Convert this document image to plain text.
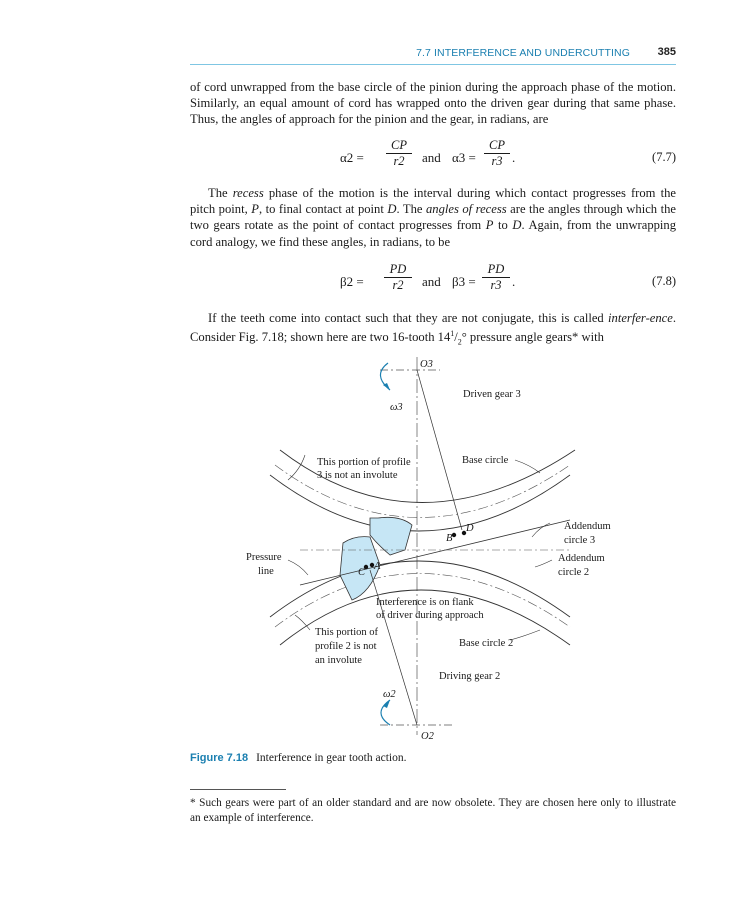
7.7 INTERFERENCE AND UNDERCUTTING	385
of cord unwrapped from the base circle of the pinion during the approach phase of the motion. Similarly, an equal amount of cord has wrapped onto the driven gear during that same phase. Thus, the angles of approach for the pinion and the gear, in radians, are
$\alpha 2 = \frac{CP}{r2}$ and $\alpha 3 = \frac{CP}{r3}$ .	(7.7)
The recess phase of the motion is the interval during which contact progresses from the pitch point, P, to final contact at point D. The angles of recess are the angles through which the two gears rotate as the point of contact progresses from P to D. Again, from the unwrapping cord analogy, we find these angles, in radians, to be
$\beta 2 = \frac{PD}{r2}$ and $\beta 3 = \frac{PD}{r3}$ .	(7.8)
If the teeth come into contact such that they are not conjugate, this is called interfer-ence. Consider Fig. 7.18; shown here are two 16-tooth $14^1/_2^\circ$ pressure angle gears* with
O3
ω3
Driven gear 3
This portion of profile
3 is not an involute
Base circle
Addendum
circle 3
Addendum
circle 2
Pressure
line
B
D
C
A
Interference is on flank
of driver during approach
This portion of
profile 2 is not
an involute
Base circle 2
Driving gear 2
ω2
O2
Figure 7.18 Interference in gear tooth action.
* Such gears were part of an older standard and are now obsolete. They are chosen here only to illustrate an example of interference.
